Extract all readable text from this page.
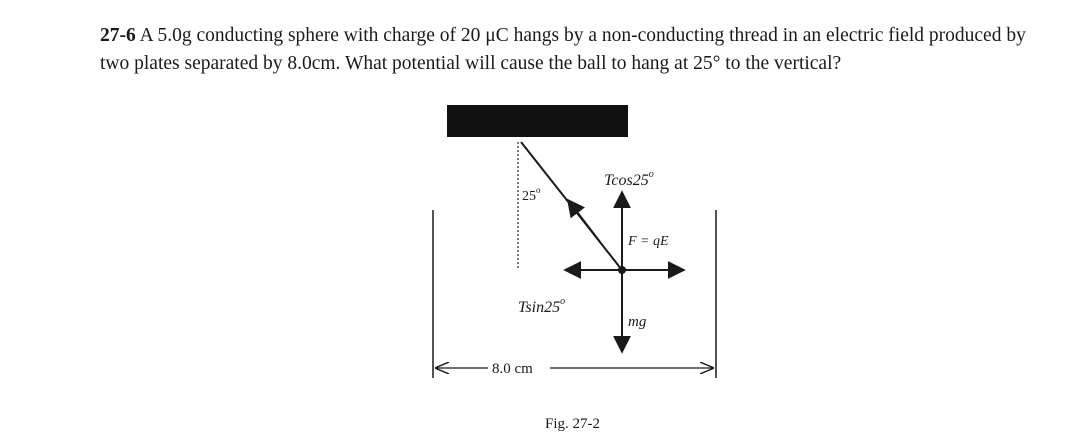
27-6 A 5.0g conducting sphere with charge of 20 μC hangs by a non-conducting thread in an electric field produced by two plates separated by 8.0cm. What potential will cause the ball to hang at 25° to the vertical?
25$^o$
Tcos25$^o$
F = qE
Tsin25$^o$
mg
8.0 cm
Fig. 27-2
